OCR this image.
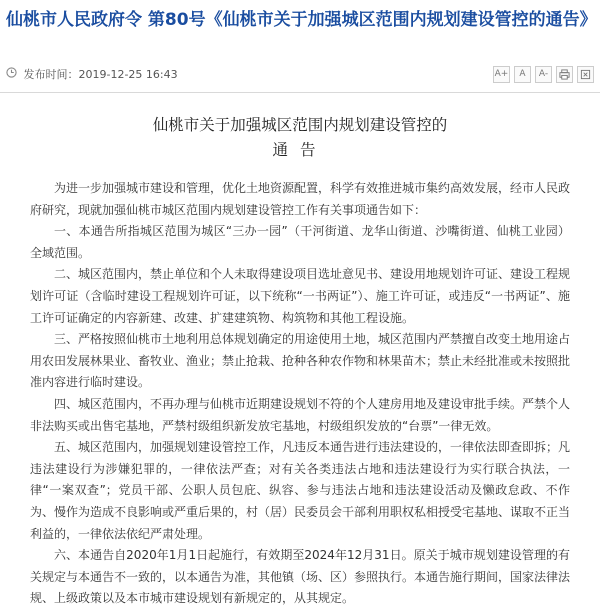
仙桃市人民政府令 第80号《仙桃市关于加强城区范围内规划建设管控的通告》
发布时间：2019-12-25 16:43	A+	A	A-
仙桃市关于加强城区范围内规划建设管控的
通告

为进一步加强城市建设和管理，优化土地资源配置，科学有效推进城市集约高效发展，经市人民政府研究，现就加强仙桃市城区范围内规划建设管控工作有关事项通告如下：

一、本通告所指城区范围为城区“三办一园”（干河街道、龙华山街道、沙嘴街道、仙桃工业园）全域范围。

二、城区范围内，禁止单位和个人未取得建设项目选址意见书、建设用地规划许可证、建设工程规划许可证（含临时建设工程规划许可证，以下统称“一书两证”）、施工许可证，或违反“一书两证”、施工许可证确定的内容新建、改建、扩建建筑物、构筑物和其他工程设施。

三、严格按照仙桃市土地利用总体规划确定的用途使用土地，城区范围内严禁擅自改变土地用途占用农田发展林果业、畜牧业、渔业；禁止抢栽、抢种各种农作物和林果苗木；禁止未经批准或未按照批准内容进行临时建设。

四、城区范围内，不再办理与仙桃市近期建设规划不符的个人建房用地及建设审批手续。严禁个人非法购买或出售宅基地，严禁村级组织新发放宅基地，村级组织发放的“台票”一律无效。

五、城区范围内，加强规划建设管控工作，凡违反本通告进行违法建设的，一律依法即查即拆；凡违法建设行为涉嫌犯罪的，一律依法严查；对有关各类违法占地和违法建设行为实行联合执法，一律“一案双查”；党员干部、公职人员包庇、纵容、参与违法占地和违法建设活动及懒政怠政、不作为、慢作为造成不良影响或严重后果的，村（居）民委员会干部利用职权私相授受宅基地、谋取不正当利益的，一律依法依纪严肃处理。

六、本通告自2020年1月1日起施行，有效期至2024年12月31日。原关于城市规划建设管理的有关规定与本通告不一致的，以本通告为准，其他镇（场、区）参照执行。本通告施行期间，国家法律法规、上级政策以及本市城市建设规划有新规定的，从其规定。
